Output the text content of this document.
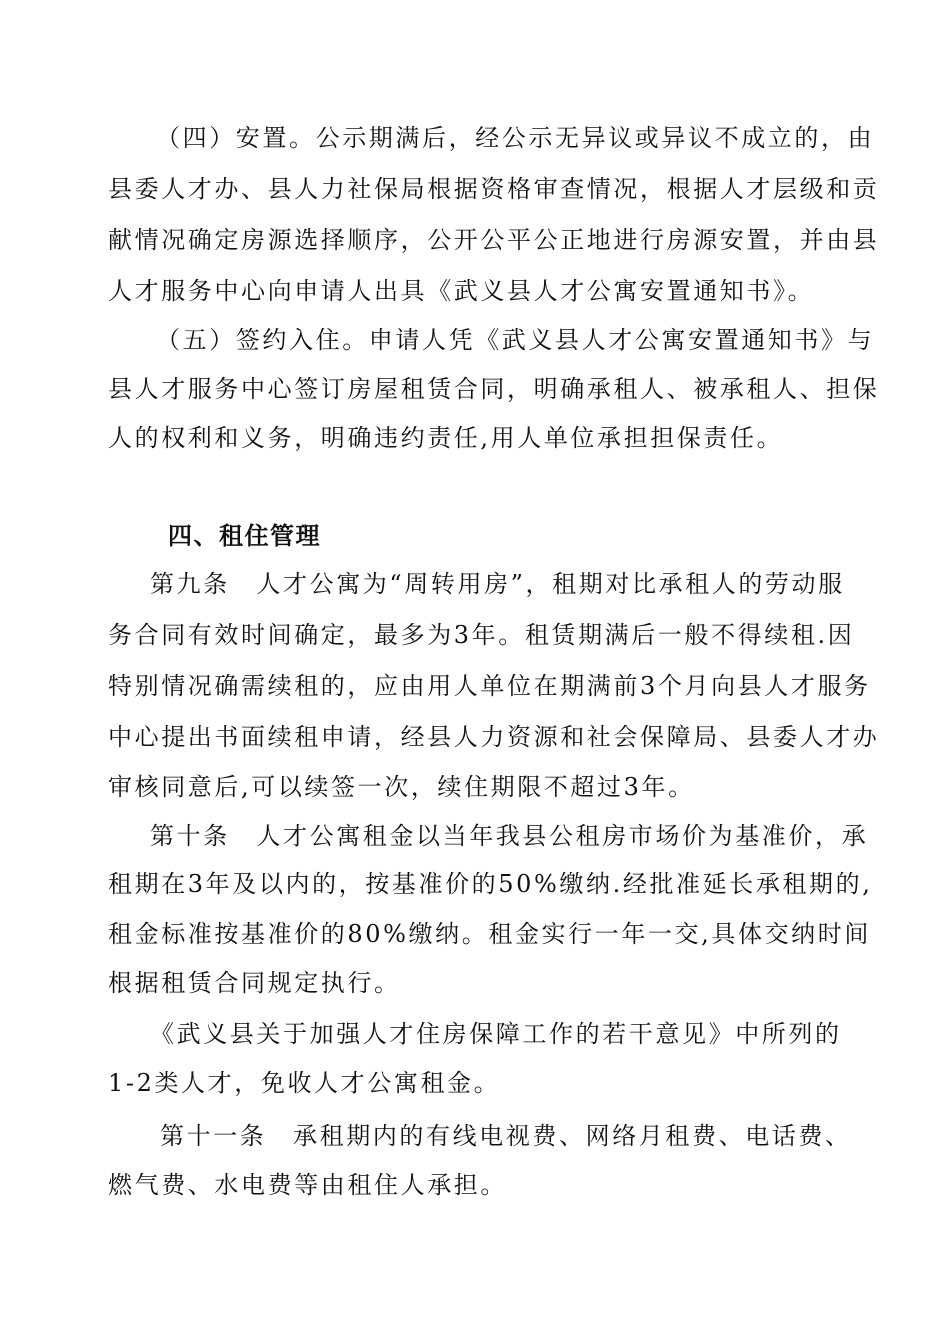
（四）安置。公示期满后，经公示无异议或异议不成立的，由
县委人才办、县人力社保局根据资格审查情况，根据人才层级和贡
献情况确定房源选择顺序，公开公平公正地进行房源安置，并由县
人才服务中心向申请人出具《武义县人才公寓安置通知书》。
（五）签约入住。申请人凭《武义县人才公寓安置通知书》与
县人才服务中心签订房屋租赁合同，明确承租人、被承租人、担保
人的权利和义务，明确违约责任,用人单位承担担保责任。
四、租住管理
第九条　人才公寓为“周转用房”，租期对比承租人的劳动服
务合同有效时间确定，最多为3年。租赁期满后一般不得续租.因
特别情况确需续租的，应由用人单位在期满前3个月向县人才服务
中心提出书面续租申请，经县人力资源和社会保障局、县委人才办
审核同意后,可以续签一次，续住期限不超过3年。
第十条　人才公寓租金以当年我县公租房市场价为基准价，承
租期在3年及以内的，按基准价的50%缴纳.经批准延长承租期的,
租金标准按基准价的80%缴纳。租金实行一年一交,具体交纳时间
根据租赁合同规定执行。
《武义县关于加强人才住房保障工作的若干意见》中所列的
1-2类人才，免收人才公寓租金。
第十一条　承租期内的有线电视费、网络月租费、电话费、
燃气费、水电费等由租住人承担。
